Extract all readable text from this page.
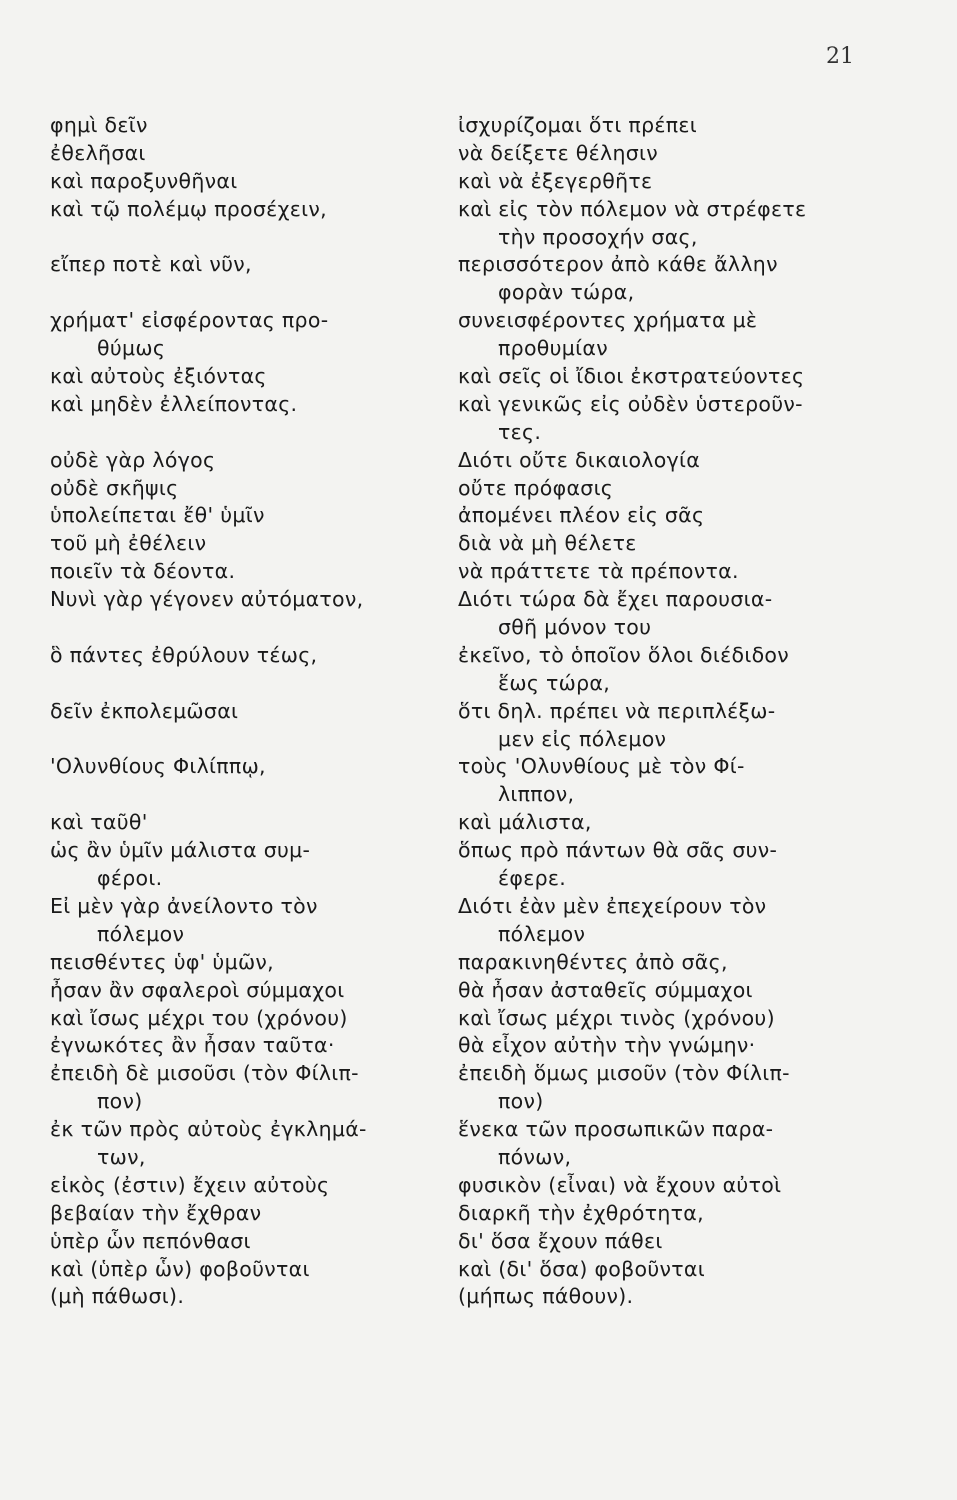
21
φημὶ δεῖν
ἐθελῆσαι
καὶ παροξυνθῆναι
καὶ τῷ πολέμῳ προσέχειν,
εἴπερ ποτὲ καὶ νῦν,
χρήματ' εἰσφέροντας προ-
θύμως
καὶ αὐτοὺς ἐξιόντας
καὶ μηδὲν ἐλλείποντας.
οὐδὲ γὰρ λόγος
οὐδὲ σκῆψις
ὑπολείπεται ἔθ' ὑμῖν
τοῦ μὴ ἐθέλειν
ποιεῖν τὰ δέοντα.
Νυνὶ γὰρ γέγονεν αὐτόματον,
ὃ πάντες ἐθρύλουν τέως,
δεῖν ἐκπολεμῶσαι
'Ολυνθίους Φιλίππῳ,
καὶ ταῦθ'
ὡς ἂν ὑμῖν μάλιστα συμ-
φέροι.
Εἰ μὲν γὰρ ἀνείλοντο τὸν
πόλεμον
πεισθέντες ὑφ' ὑμῶν,
ἦσαν ἂν σφαλεροὶ σύμμαχοι
καὶ ἴσως μέχρι του (χρόνου)
ἐγνωκότες ἂν ἦσαν ταῦτα·
ἐπειδὴ δὲ μισοῦσι (τὸν Φίλιπ-
πον)
ἐκ τῶν πρὸς αὐτοὺς ἐγκλημά-
των,
εἰκὸς (ἐστιν) ἔχειν αὐτοὺς
βεβαίαν τὴν ἔχθραν
ὑπὲρ ὧν πεπόνθασι
καὶ (ὑπὲρ ὧν) φοβοῦνται
(μὴ πάθωσι).
ἰσχυρίζομαι ὅτι πρέπει
νὰ δείξετε θέλησιν
καὶ νὰ ἐξεγερθῆτε
καὶ εἰς τὸν πόλεμον νὰ στρέφετε
τὴν προσοχήν σας,
περισσότερον ἀπὸ κάθε ἄλλην
φορὰν τώρα,
συνεισφέροντες χρήματα μὲ
προθυμίαν
καὶ σεῖς οἱ ἴδιοι ἐκστρατεύοντες
καὶ γενικῶς εἰς οὐδὲν ὑστεροῦν-
τες.
Διότι οὔτε δικαιολογία
οὔτε πρόφασις
ἀπομένει πλέον εἰς σᾶς
διὰ νὰ μὴ θέλετε
νὰ πράττετε τὰ πρέποντα.
Διότι τώρα δὰ ἔχει παρουσια-
σθῆ μόνον του
ἐκεῖνο, τὸ ὁποῖον ὅλοι διέδιδον
ἕως τώρα,
ὅτι δηλ. πρέπει νὰ περιπλέξω-
μεν εἰς πόλεμον
τοὺς 'Ολυνθίους μὲ τὸν Φί-
λιππον,
καὶ μάλιστα,
ὅπως πρὸ πάντων θὰ σᾶς συν-
έφερε.
Διότι ἐὰν μὲν ἐπεχείρουν τὸν
πόλεμον
παρακινηθέντες ἀπὸ σᾶς,
θὰ ἦσαν ἀσταθεῖς σύμμαχοι
καὶ ἴσως μέχρι τινὸς (χρόνου)
θὰ εἶχον αὐτὴν τὴν γνώμην·
ἐπειδὴ ὅμως μισοῦν (τὸν Φίλιπ-
πον)
ἕνεκα τῶν προσωπικῶν παρα-
πόνων,
φυσικὸν (εἶναι) νὰ ἔχουν αὐτοὶ
διαρκῆ τὴν ἐχθρότητα,
δι' ὅσα ἔχουν πάθει
καὶ (δι' ὅσα) φοβοῦνται
(μήπως πάθουν).
